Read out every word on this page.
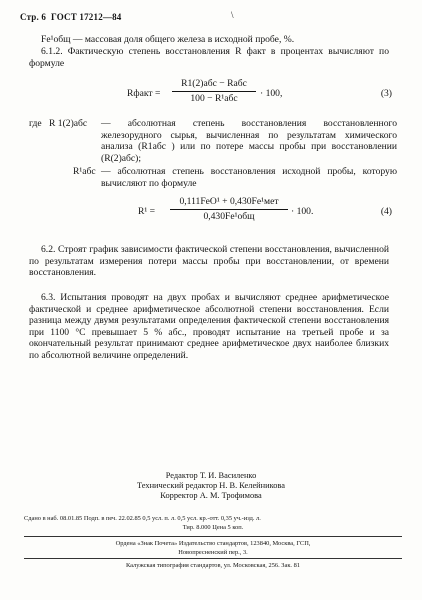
Стр. 6 ГОСТ 17212—84	\
Fe¹общ — массовая доля общего железа в исходной пробе, %.
6.1.2. Фактическую степень восстановления R факт в процентах вычисляют по формуле
Rфакт =
R1(2)абс − Rабс
100 − R¹абс	· 100,	(3)
где R 1(2)абс — абсолютная степень восстановления восстановленного железорудного сырья, вычисленная по результатам химического анализа (R1абс ) или по потере массы пробы при восстановлении (R(2)абс);
R¹абс — абсолютная степень восстановления исходной пробы, которую вычисляют по формуле
R¹ =
0,111FeO¹ + 0,430Fe¹мет
0,430Fe¹общ	· 100.	(4)
6.2. Строят график зависимости фактической степени восстановления, вычисленной по результатам измерения потери массы пробы при восстановлении, от времени восстановления.
6.3. Испытания проводят на двух пробах и вычисляют среднее арифметическое фактической и среднее арифметическое абсолютной степени восстановления. Если разница между двумя результатами определения фактической степени восстановления при 1100 °С превышает 5 % абс., проводят испытание на третьей пробе и за окончательный результат принимают среднее арифметическое двух наиболее близких по абсолютной величине определений.
Редактор Т. И. Василенко
Технический редактор Н. В. Келейникова
Корректор А. М. Трофимова
Сдано в наб. 08.01.85 Подп. в печ. 22.02.85 0,5 усл. п. л. 0,5 усл. кр.-отт. 0,35 уч.-изд. л.
Тир. 8.000 Цена 5 коп.
Ордена «Знак Почета» Издательство стандартов, 123840, Москва, ГСП,
Новопресненский пер., 3.
Калужская типография стандартов, ул. Московская, 256. Зак. 81
